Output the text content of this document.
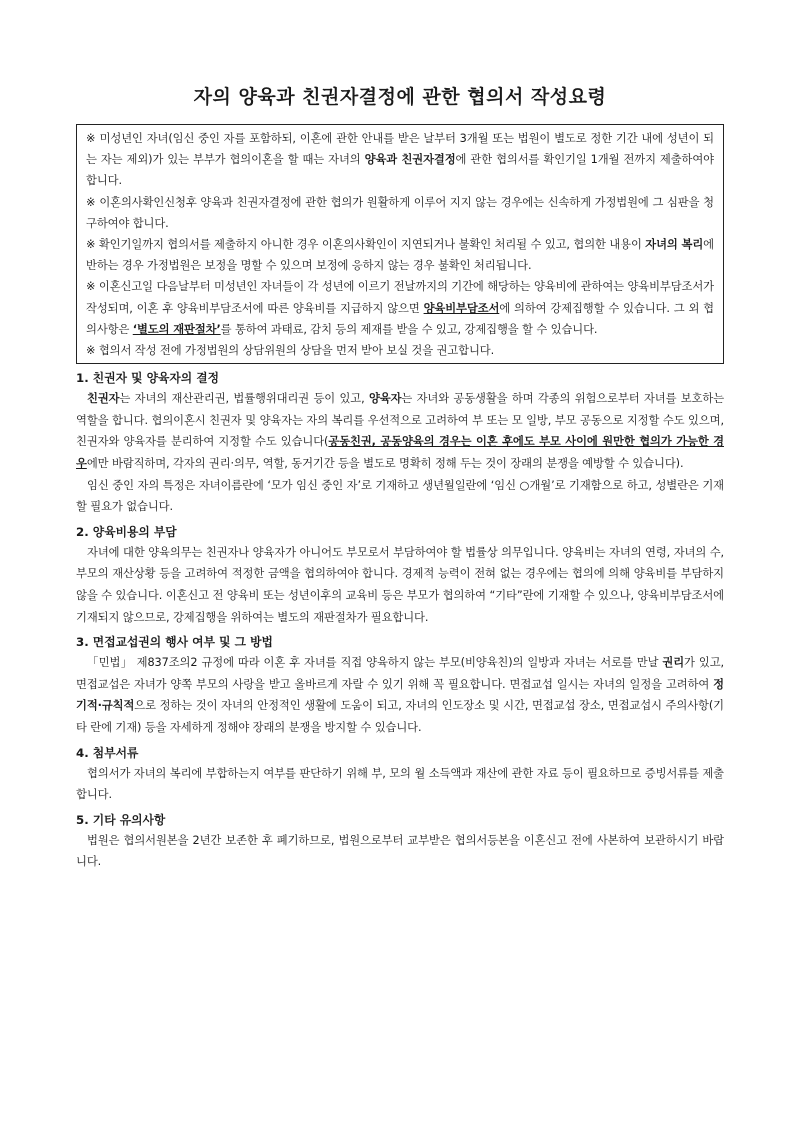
자의 양육과 친권자결정에 관한 협의서 작성요령

※ 미성년인 자녀(임신 중인 자를 포함하되, 이혼에 관한 안내를 받은 날부터 3개월 또는 법원이 별도로 정한 기간 내에 성년이 되는 자는 제외)가 있는 부부가 협의이혼을 할 때는 자녀의 양육과 친권자결정에 관한 협의서를 확인기일 1개월 전까지 제출하여야 합니다.

※ 이혼의사확인신청후 양육과 친권자결정에 관한 협의가 원활하게 이루어 지지 않는 경우에는 신속하게 가정법원에 그 심판을 청구하여야 합니다.

※ 확인기일까지 협의서를 제출하지 아니한 경우 이혼의사확인이 지연되거나 불확인 처리될 수 있고, 협의한 내용이 자녀의 복리에 반하는 경우 가정법원은 보정을 명할 수 있으며 보정에 응하지 않는 경우 불확인 처리됩니다.

※ 이혼신고일 다음날부터 미성년인 자녀들이 각 성년에 이르기 전날까지의 기간에 해당하는 양육비에 관하여는 양육비부담조서가 작성되며, 이혼 후 양육비부담조서에 따른 양육비를 지급하지 않으면 양육비부담조서에 의하여 강제집행할 수 있습니다. 그 외 협의사항은 ‘별도의 재판절차’를 통하여 과태료, 감치 등의 제재를 받을 수 있고, 강제집행을 할 수 있습니다.

※ 협의서 작성 전에 가정법원의 상담위원의 상담을 먼저 받아 보실 것을 권고합니다.

1. 친권자 및 양육자의 결정

친권자는 자녀의 재산관리권, 법률행위대리권 등이 있고, 양육자는 자녀와 공동생활을 하며 각종의 위험으로부터 자녀를 보호하는 역할을 합니다. 협의이혼시 친권자 및 양육자는 자의 복리를 우선적으로 고려하여 부 또는 모 일방, 부모 공동으로 지정할 수도 있으며, 친권자와 양육자를 분리하여 지정할 수도 있습니다(공동친권, 공동양육의 경우는 이혼 후에도 부모 사이에 원만한 협의가 가능한 경우에만 바람직하며, 각자의 권리·의무, 역할, 동거기간 등을 별도로 명확히 정해 두는 것이 장래의 분쟁을 예방할 수 있습니다).

임신 중인 자의 특정은 자녀이름란에 ‘모가 임신 중인 자’로 기재하고 생년월일란에 ‘임신 ○개월’로 기재함으로 하고, 성별란은 기재할 필요가 없습니다.

2. 양육비용의 부담

자녀에 대한 양육의무는 친권자나 양육자가 아니어도 부모로서 부담하여야 할 법률상 의무입니다. 양육비는 자녀의 연령, 자녀의 수, 부모의 재산상황 등을 고려하여 적정한 금액을 협의하여야 합니다. 경제적 능력이 전혀 없는 경우에는 협의에 의해 양육비를 부담하지 않을 수 있습니다. 이혼신고 전 양육비 또는 성년이후의 교육비 등은 부모가 협의하여 “기타”란에 기재할 수 있으나, 양육비부담조서에 기재되지 않으므로, 강제집행을 위하여는 별도의 재판절차가 필요합니다.

3. 면접교섭권의 행사 여부 및 그 방법

「민법」 제837조의2 규정에 따라 이혼 후 자녀를 직접 양육하지 않는 부모(비양육친)의 일방과 자녀는 서로를 만날 권리가 있고, 면접교섭은 자녀가 양쪽 부모의 사랑을 받고 올바르게 자랄 수 있기 위해 꼭 필요합니다. 면접교섭 일시는 자녀의 일정을 고려하여 정기적·규칙적으로 정하는 것이 자녀의 안정적인 생활에 도움이 되고, 자녀의 인도장소 및 시간, 면접교섭 장소, 면접교섭시 주의사항(기타 란에 기재) 등을 자세하게 정해야 장래의 분쟁을 방지할 수 있습니다.

4. 첨부서류

협의서가 자녀의 복리에 부합하는지 여부를 판단하기 위해 부, 모의 월 소득액과 재산에 관한 자료 등이 필요하므로 증빙서류를 제출합니다.

5. 기타 유의사항

법원은 협의서원본을 2년간 보존한 후 폐기하므로, 법원으로부터 교부받은 협의서등본을 이혼신고 전에 사본하여 보관하시기 바랍니다.
